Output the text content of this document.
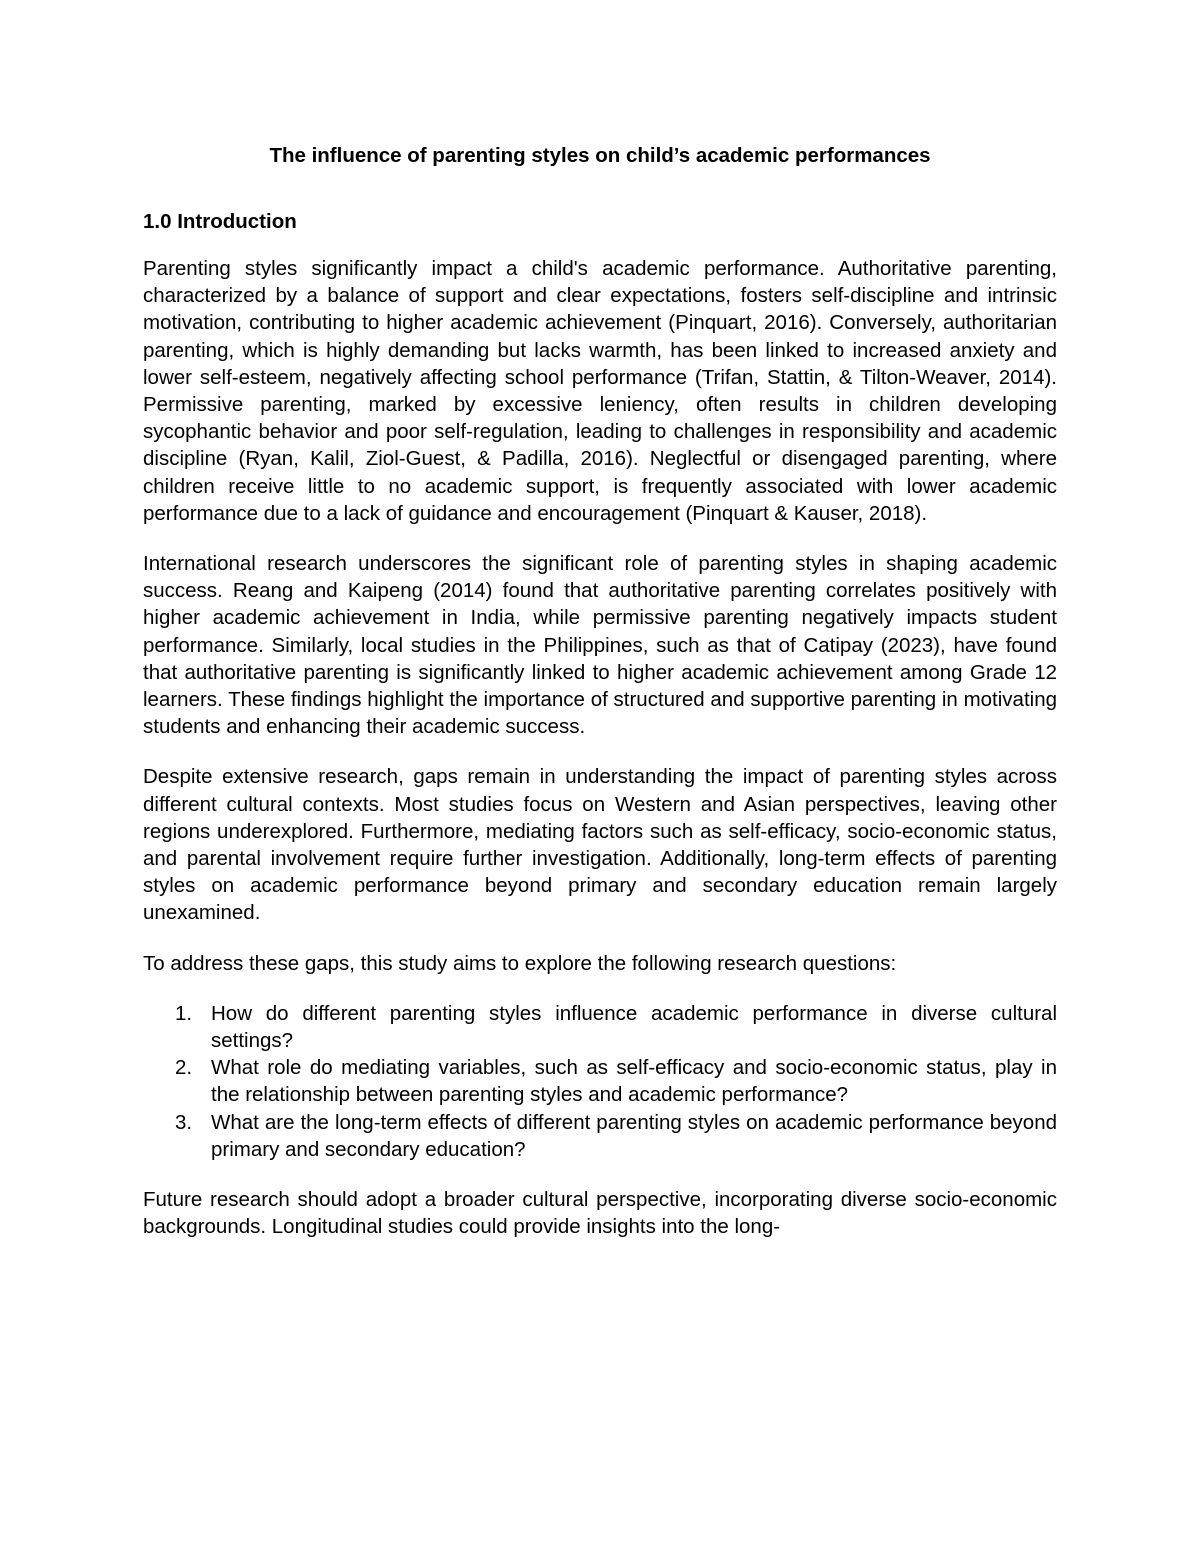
The influence of parenting styles on child’s academic performances
1.0 Introduction

Parenting styles significantly impact a child's academic performance. Authoritative parenting, characterized by a balance of support and clear expectations, fosters self-discipline and intrinsic motivation, contributing to higher academic achievement (Pinquart, 2016). Conversely, authoritarian parenting, which is highly demanding but lacks warmth, has been linked to increased anxiety and lower self-esteem, negatively affecting school performance (Trifan, Stattin, & Tilton-Weaver, 2014). Permissive parenting, marked by excessive leniency, often results in children developing sycophantic behavior and poor self-regulation, leading to challenges in responsibility and academic discipline (Ryan, Kalil, Ziol-Guest, & Padilla, 2016). Neglectful or disengaged parenting, where children receive little to no academic support, is frequently associated with lower academic performance due to a lack of guidance and encouragement (Pinquart & Kauser, 2018).

International research underscores the significant role of parenting styles in shaping academic success. Reang and Kaipeng (2014) found that authoritative parenting correlates positively with higher academic achievement in India, while permissive parenting negatively impacts student performance. Similarly, local studies in the Philippines, such as that of Catipay (2023), have found that authoritative parenting is significantly linked to higher academic achievement among Grade 12 learners. These findings highlight the importance of structured and supportive parenting in motivating students and enhancing their academic success.

Despite extensive research, gaps remain in understanding the impact of parenting styles across different cultural contexts. Most studies focus on Western and Asian perspectives, leaving other regions underexplored. Furthermore, mediating factors such as self-efficacy, socio-economic status, and parental involvement require further investigation. Additionally, long-term effects of parenting styles on academic performance beyond primary and secondary education remain largely unexamined.

To address these gaps, this study aims to explore the following research questions:

1. How do different parenting styles influence academic performance in diverse cultural settings?
2. What role do mediating variables, such as self-efficacy and socio-economic status, play in the relationship between parenting styles and academic performance?
3. What are the long-term effects of different parenting styles on academic performance beyond primary and secondary education?

Future research should adopt a broader cultural perspective, incorporating diverse socio-economic backgrounds. Longitudinal studies could provide insights into the long-
